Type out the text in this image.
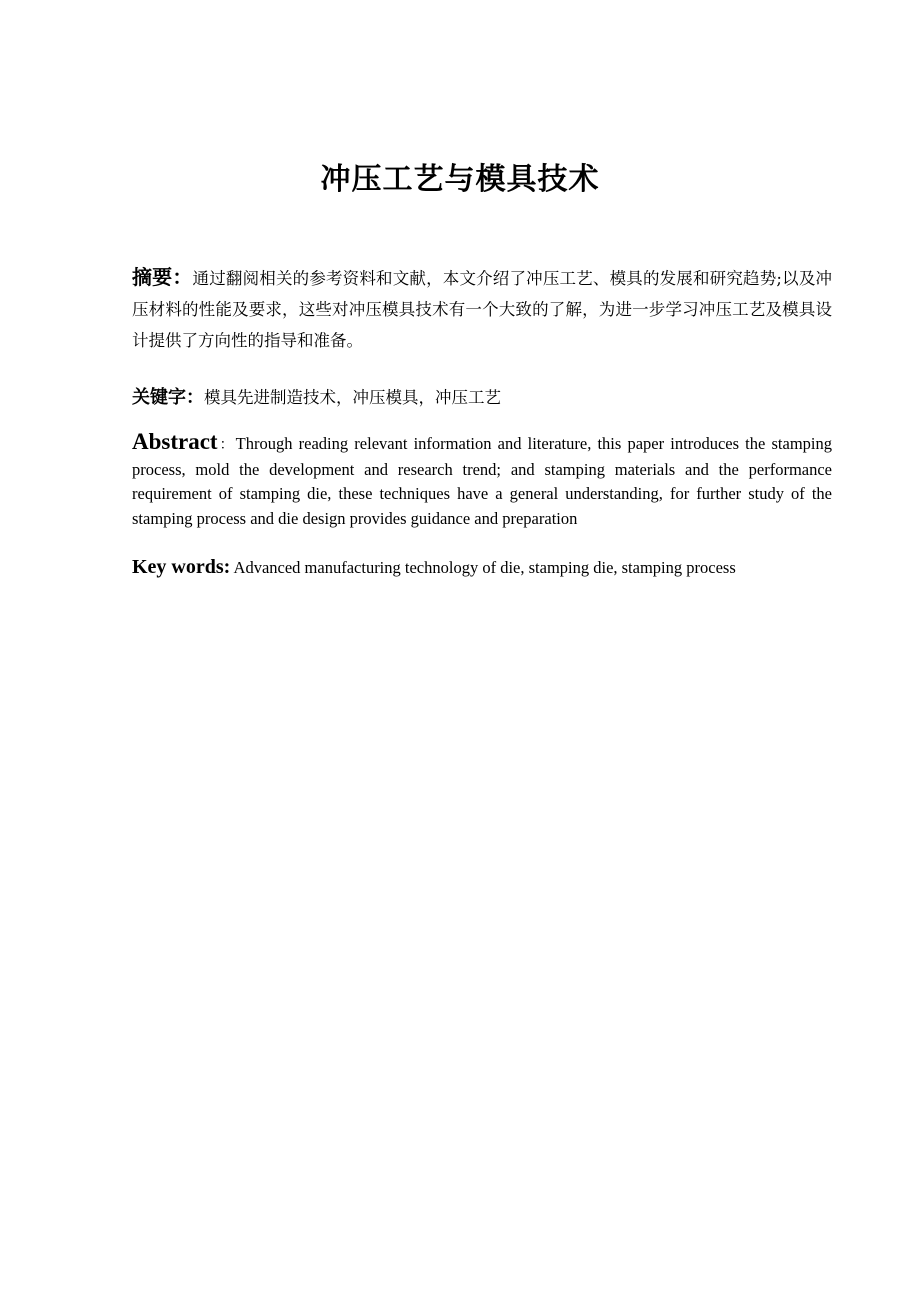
冲压工艺与模具技术
摘要：通过翻阅相关的参考资料和文献，本文介绍了冲压工艺、模具的发展和研究趋势;以及冲压材料的性能及要求，这些对冲压模具技术有一个大致的了解，为进一步学习冲压工艺及模具设计提供了方向性的指导和准备。
关键字：模具先进制造技术，冲压模具，冲压工艺
Abstract：Through reading relevant information and literature, this paper introduces the stamping process, mold the development and research trend; and stamping materials and the performance requirement of stamping die, these techniques have a general understanding, for further study of the stamping process and die design provides guidance and preparation
Key words: Advanced manufacturing technology of die, stamping die, stamping process
